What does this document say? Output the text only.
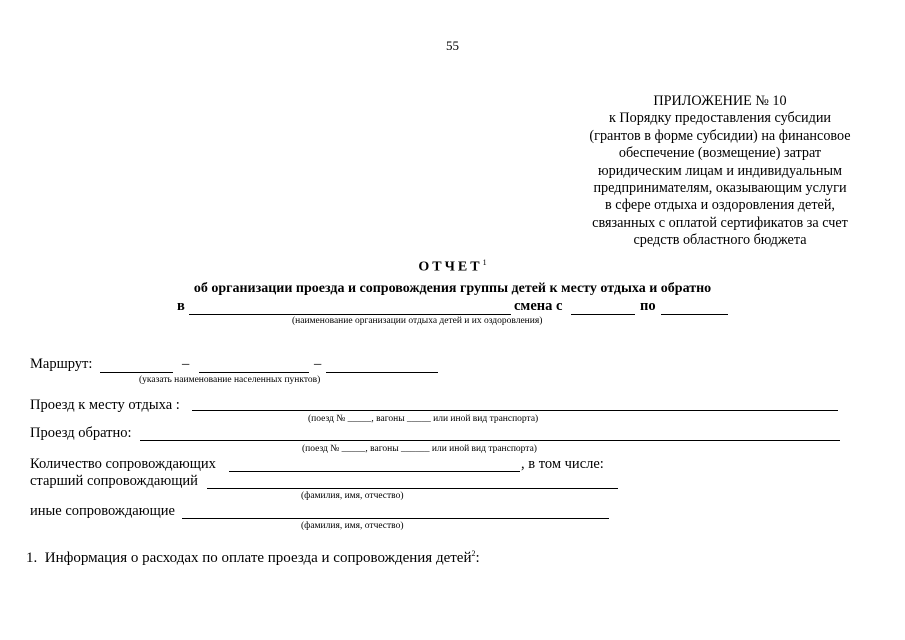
55
ПРИЛОЖЕНИЕ № 10
к Порядку предоставления субсидии
(грантов в форме субсидии) на финансовое
обеспечение (возмещение) затрат
юридическим лицам и индивидуальным
предпринимателям, оказывающим услуги
в сфере отдыха и оздоровления детей,
связанных с оплатой сертификатов за счет
средств областного бюджета
ОТЧЕТ$^1$
об организации проезда и сопровождения группы детей к месту отдыха и обратно
в	смена с	по
(наименование организации отдыха детей и их оздоровления)
Маршрут:	–	–
(указать наименование населенных пунктов)
Проезд к месту отдыха :
(поезд № _____, вагоны _____ или иной вид транспорта)
Проезд обратно:
(поезд № _____, вагоны ______ или иной вид транспорта)
Количество сопровождающих	, в том числе:
старший сопровождающий
(фамилия, имя, отчество)
иные сопровождающие
(фамилия, имя, отчество)
1. Информация о расходах по оплате проезда и сопровождения детей$^2$:
